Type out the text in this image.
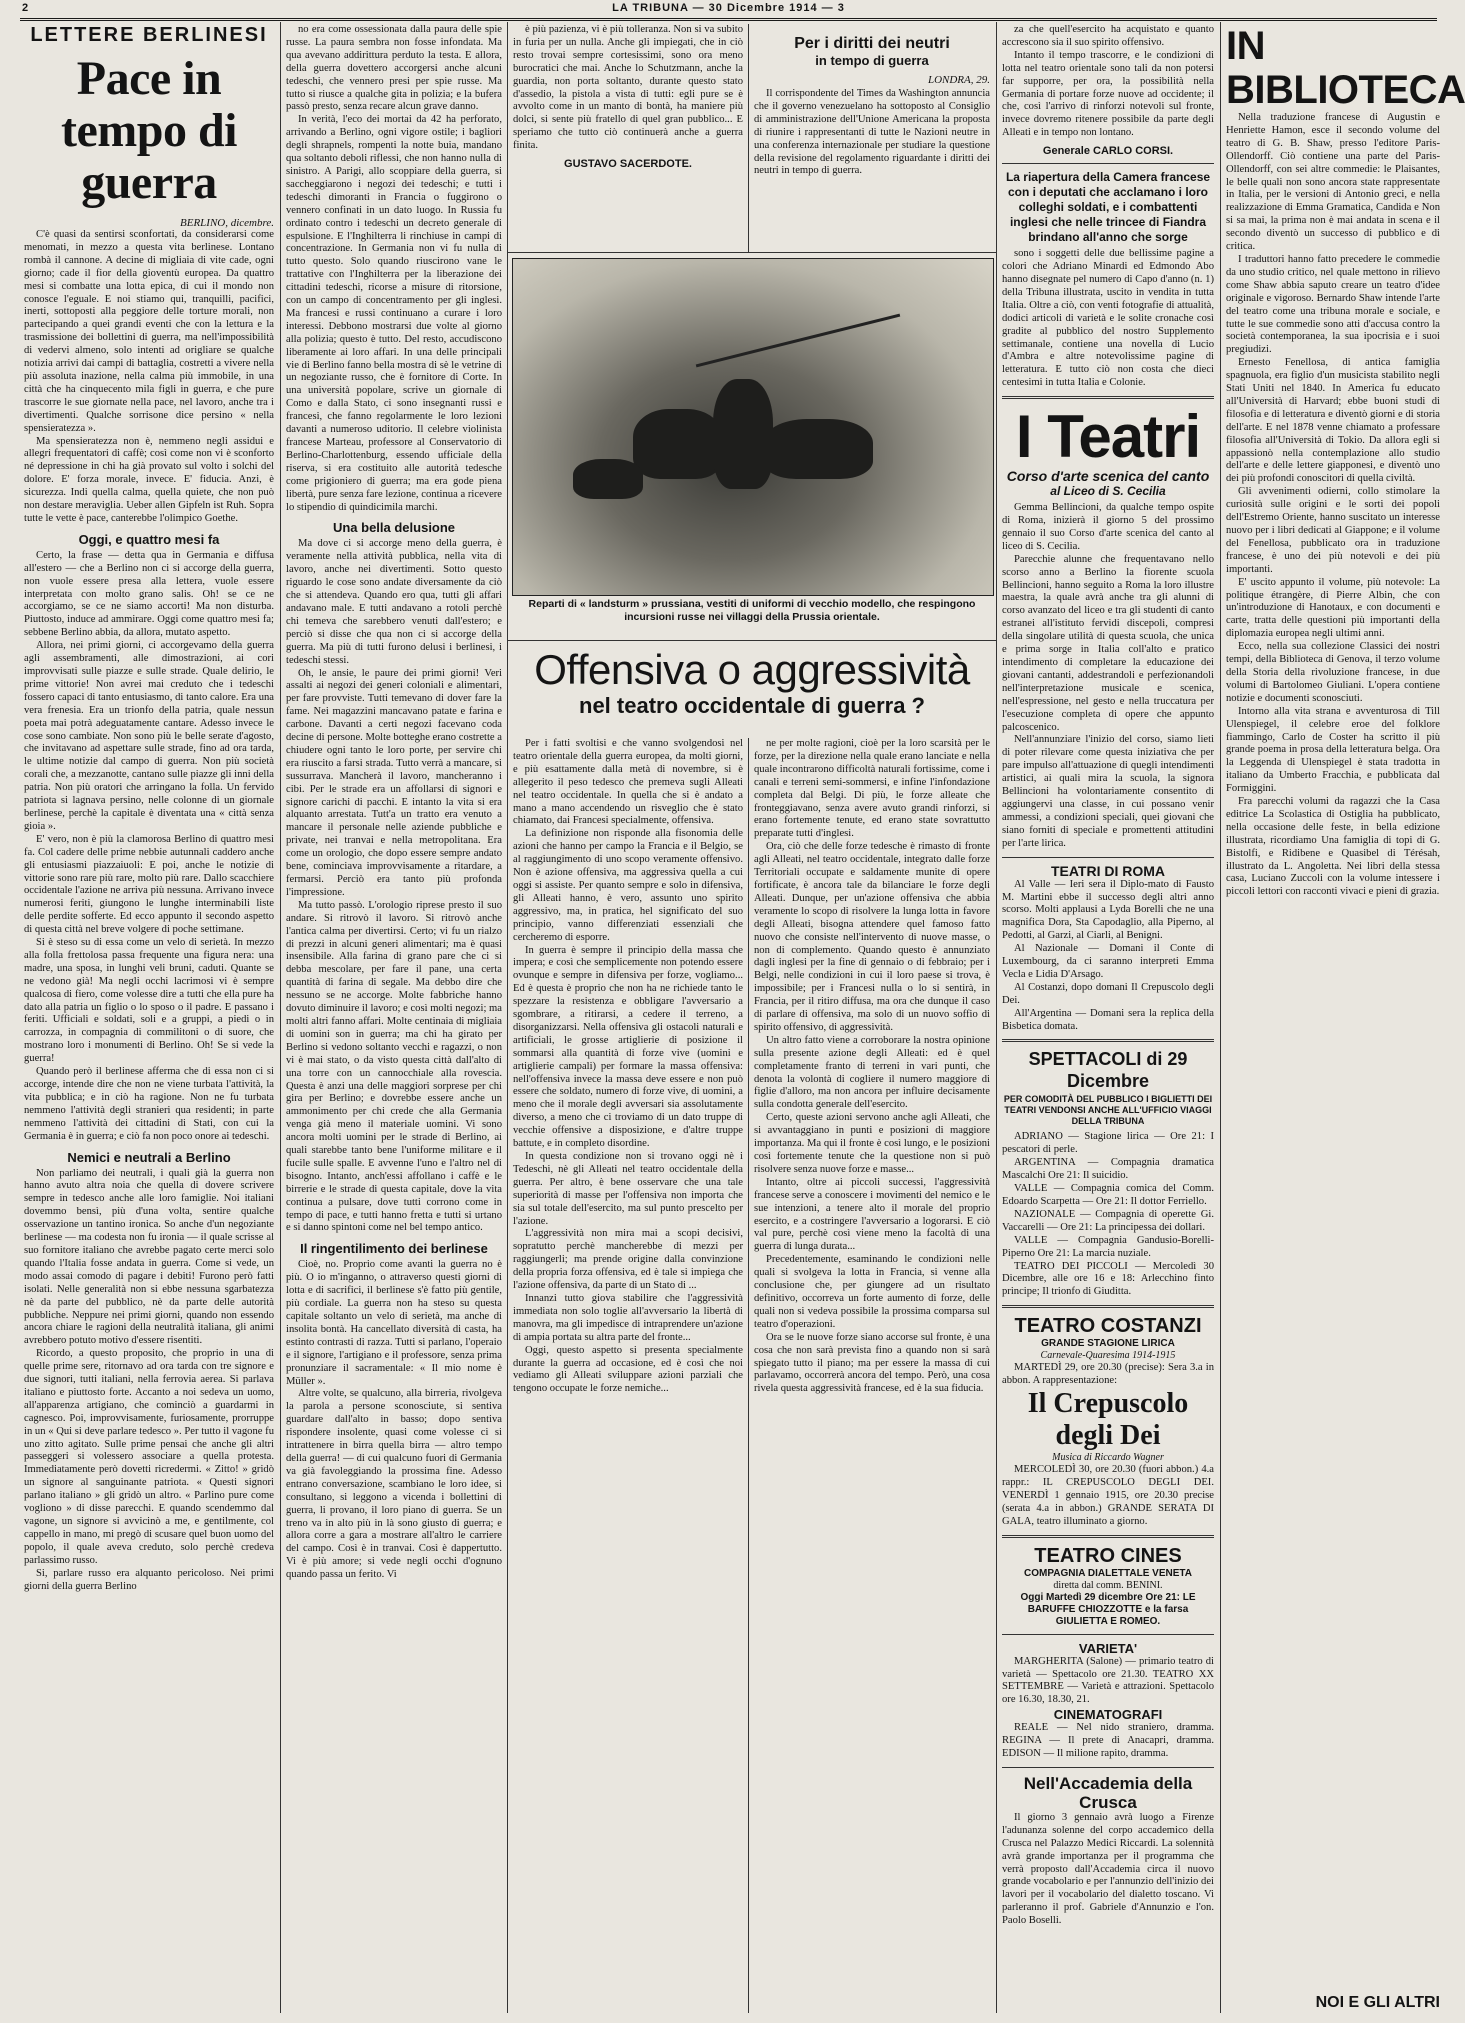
2	LA TRIBUNA — 30 Dicembre 1914 — 3
LETTERE BERLINESI
Pace in tempo di guerra
BERLINO, dicembre.

C'è quasi da sentirsi sconfortati, da considerarsi come menomati, in mezzo a questa vita berlinese. Lontano rombà il cannone. A decine di migliaia di vite cade, ogni giorno; cade il fior della gioventù europea. Da quattro mesi si combatte una lotta epica, di cui il mondo non conosce l'eguale. E noi stiamo qui, tranquilli, pacifici, inerti, sottoposti alla peggiore delle torture morali, non partecipando a quei grandi eventi che con la lettura e la trasmissione dei bollettini di guerra, ma nell'impossibilità di vedervi almeno, solo intenti ad origliare se qualche notizia arrivi dai campi di battaglia, costretti a vivere nella più assoluta inazione, nella calma più immobile, in una città che ha cinquecento mila figli in guerra, e che pure trascorre le sue giornate nella pace, nel lavoro, anche tra i divertimenti. Qualche sorrisone dice persino « nella spensieratezza ».

Ma spensieratezza non è, nemmeno negli assidui e allegri frequentatori di caffè; così come non vi è sconforto né depressione in chi ha già provato sul volto i solchi del dolore. E' forza morale, invece. E' fiducia. Anzi, è sicurezza. Indi quella calma, quella quiete, che non può non destare meraviglia. Ueber allen Gipfeln ist Ruh. Sopra tutte le vette è pace, canterebbe l'olimpico Goethe.

Oggi, e quattro mesi fa

Certo, la frase — detta qua in Germania e diffusa all'estero — che a Berlino non ci si accorge della guerra, non vuole essere presa alla lettera, vuole essere interpretata con molto grano salis. Oh! se ce ne accorgiamo, se ce ne siamo accorti! Ma non disturba. Piuttosto, induce ad ammirare. Oggi come quattro mesi fa; sebbene Berlino abbia, da allora, mutato aspetto.

Allora, nei primi giorni, ci accorgevamo della guerra agli assembramenti, alle dimostrazioni, ai cori improvvisati sulle piazze e sulle strade. Quale delirio, le prime vittorie! Non avrei mai creduto che i tedeschi fossero capaci di tanto entusiasmo, di tanto calore. Era una vera frenesia. Era un trionfo della patria, quale nessun poeta mai potrà adeguatamente cantare. Adesso invece le cose sono cambiate. Non sono più le belle serate d'agosto, che invitavano ad aspettare sulle strade, fino ad ora tarda, le ultime notizie dal campo di guerra. Non più società corali che, a mezzanotte, cantano sulle piazze gli inni della patria. Non più oratori che arringano la folla. Un fervido patriota si lagnava persino, nelle colonne di un giornale berlinese, perchè la capitale è diventata una « città senza gioia ».

E' vero, non è più la clamorosa Berlino di quattro mesi fa. Col cadere delle prime nebbie autunnali caddero anche gli entusiasmi piazzaiuoli: E poi, anche le notizie di vittorie sono rare più rare, molto più rare. Dallo scacchiere occidentale l'azione ne arriva più nessuna. Arrivano invece numerosi feriti, giungono le lunghe interminabili liste delle perdite sofferte. Ed ecco appunto il secondo aspetto di questa città nel breve volgere di poche settimane.

Si è steso su di essa come un velo di serietà. In mezzo alla folla frettolosa passa frequente una figura nera: una madre, una sposa, in lunghi veli bruni, caduti. Quante se ne vedono già! Ma negli occhi lacrimosi vi è sempre qualcosa di fiero, come volesse dire a tutti che ella pure ha dato alla patria un figlio o lo sposo o il padre. E passano i feriti. Ufficiali e soldati, soli e a gruppi, a piedi o in carrozza, in compagnia di commilitoni o di suore, che mostrano loro i monumenti di Berlino. Oh! Se si vede la guerra!

Quando però il berlinese afferma che di essa non ci si accorge, intende dire che non ne viene turbata l'attività, la vita pubblica; e in ciò ha ragione. Non ne fu turbata nemmeno l'attività degli stranieri qua residenti; in parte nemmeno l'attività dei cittadini di Stati, con cui la Germania è in guerra; e ciò fa non poco onore ai tedeschi.

Nemici e neutrali a Berlino

Non parliamo dei neutrali, i quali già la guerra non hanno avuto altra noia che quella di dovere scrivere sempre in tedesco anche alle loro famiglie. Noi italiani dovemmo bensì, più d'una volta, sentire qualche osservazione un tantino ironica. So anche d'un negoziante berlinese — ma codesta non fu ironia — il quale scrisse al suo fornitore italiano che avrebbe pagato certe merci solo quando l'Italia fosse andata in guerra. Come si vede, un modo assai comodo di pagare i debiti! Furono però fatti isolati. Nelle generalità non si ebbe nessuna sgarbatezza nè da parte del pubblico, nè da parte delle autorità pubbliche. Neppure nei primi giorni, quando non essendo ancora chiare le ragioni della neutralità italiana, gli animi avrebbero potuto motivo d'essere risentiti.

Ricordo, a questo proposito, che proprio in una di quelle prime sere, ritornavo ad ora tarda con tre signore e due signori, tutti italiani, nella ferrovia aerea. Si parlava italiano e piuttosto forte. Accanto a noi sedeva un uomo, all'apparenza artigiano, che cominciò a guardarmi in cagnesco. Poi, improvvisamente, furiosamente, prorruppe in un « Qui si deve parlare tedesco ». Per tutto il vagone fu uno zitto agitato. Sulle prime pensai che anche gli altri passeggeri si volessero associare a quella protesta. Immediatamente però dovetti ricredermi. « Zitto! » gridò un signore al sanguinante patriota. « Questi signori parlano italiano » gli gridò un altro. « Parlino pure come vogliono » di disse parecchi. E quando scendemmo dal vagone, un signore si avvicinò a me, e gentilmente, col cappello in mano, mi pregò di scusare quel buon uomo del popolo, il quale aveva creduto, solo perchè credeva parlassimo russo.

Si, parlare russo era alquanto pericoloso. Nei primi giorni della guerra Berlino

no era come ossessionata dalla paura delle spie russe. La paura sembra non fosse infondata. Ma qua avevano addirittura perduto la testa. E allora, della guerra dovettero accorgersi anche alcuni tedeschi, che vennero presi per spie russe. Ma tutto si riusce a qualche gita in polizia; e la bufera passò presto, senza recare alcun grave danno.

In verità, l'eco dei mortai da 42 ha perforato, arrivando a Berlino, ogni vigore ostile; i bagliori degli shrapnels, rompenti la notte buia, mandano qua soltanto deboli riflessi, che non hanno nulla di sinistro. A Parigi, allo scoppiare della guerra, si saccheggiarono i negozi dei tedeschi; e tutti i tedeschi dimoranti in Francia o fuggirono o vennero confinati in un dato luogo. In Russia fu ordinato contro i tedeschi un decreto generale di espulsione. E l'Inghilterra li rinchiuse in campi di concentrazione. In Germania non vi fu nulla di tutto questo. Solo quando riuscirono vane le trattative con l'Inghilterra per la liberazione dei cittadini tedeschi, ricorse a misure di ritorsione, con un campo di concentramento per gli inglesi. Ma francesi e russi continuano a curare i loro interessi. Debbono mostrarsi due volte al giorno alla polizia; questo è tutto. Del resto, accudiscono liberamente ai loro affari. In una delle principali vie di Berlino fanno bella mostra di sè le vetrine di un negoziante russo, che è fornitore di Corte. In una università popolare, scrive un giornale di Como e dalla Stato, ci sono insegnanti russi e francesi, che fanno regolarmente le loro lezioni davanti a numeroso uditorio. Il celebre violinista francese Marteau, professore al Conservatorio di Berlino-Charlottenburg, essendo ufficiale della riserva, si era costituito alle autorità tedesche come prigioniero di guerra; ma era gode piena libertà, pure senza fare lezione, continua a ricevere lo stipendio di quindicimila marchi.

Una bella delusione

Ma dove ci si accorge meno della guerra, è veramente nella attività pubblica, nella vita di lavoro, anche nei divertimenti. Sotto questo riguardo le cose sono andate diversamente da ciò che si attendeva. Quando ero qua, tutti gli affari andavano male. E tutti andavano a rotoli perchè chi temeva che sarebbero venuti dall'estero; e perciò si disse che qua non ci si accorge della guerra. Ma più di tutti furono delusi i berlinesi, i tedeschi stessi.

Oh, le ansie, le paure dei primi giorni! Veri assalti ai negozi dei generi coloniali e alimentari, per fare provviste. Tutti temevano di dover fare la fame. Nei magazzini mancavano patate e farina e carbone. Davanti a certi negozi facevano coda decine di persone. Molte botteghe erano costrette a chiudere ogni tanto le loro porte, per servire chi era riuscito a farsi strada. Tutto verrà a mancare, si sussurrava. Mancherà il lavoro, mancheranno i cibi. Per le strade era un affollarsi di signori e signore carichi di pacchi. E intanto la vita si era alquanto arrestata. Tutt'a un tratto era venuto a mancare il personale nelle aziende pubbliche e private, nei tranvai e nella metropolitana. Era come un orologio, che dopo essere sempre andato bene, cominciava improvvisamente a ritardare, a fermarsi. Perciò era tanto più profonda l'impressione.

Ma tutto passò. L'orologio riprese presto il suo andare. Si ritrovò il lavoro. Si ritrovò anche l'antica calma per divertirsi. Certo; vi fu un rialzo di prezzi in alcuni generi alimentari; ma è quasi insensibile. Alla farina di grano pare che ci si debba mescolare, per fare il pane, una certa quantità di farina di segale. Ma debbo dire che nessuno se ne accorge. Molte fabbriche hanno dovuto diminuire il lavoro; e così molti negozi; ma molti altri fanno affari. Molte centinaia di migliaia di uomini son in guerra; ma chi ha girato per Berlino si vedono soltanto vecchi e ragazzi, o non vi è mai stato, o da visto questa città dall'alto di una torre con un cannocchiale alla rovescia. Questa è anzi una delle maggiori sorprese per chi gira per Berlino; e dovrebbe essere anche un ammonimento per chi crede che alla Germania venga già meno il materiale uomini. Vi sono ancora molti uomini per le strade di Berlino, ai quali starebbe tanto bene l'uniforme militare e il fucile sulle spalle. E avvenne l'uno e l'altro nel di bisogno. Intanto, anch'essi affollano i caffè e le birrerie e le strade di questa capitale, dove la vita continua a pulsare, dove tutti corrono come in tempo di pace, e tutti hanno fretta e tutti si urtano e si danno spintoni come nel bel tempo antico.

Il ringentilimento dei berlinese

Cioè, no. Proprio come avanti la guerra no è più. O io m'inganno, o attraverso questi giorni di lotta e di sacrifici, il berlinese s'è fatto più gentile, più cordiale. La guerra non ha steso su questa capitale soltanto un velo di serietà, ma anche di insolita bontà. Ha cancellato diversità di casta, ha estinto contrasti di razza. Tutti si parlano, l'operaio e il signore, l'artigiano e il professore, senza prima pronunziare il sacramentale: « Il mio nome è Müller ».

Altre volte, se qualcuno, alla birreria, rivolgeva la parola a persone sconosciute, si sentiva guardare dall'alto in basso; dopo sentiva rispondere insolente, quasi come volesse ci si intrattenere in birra quella birra — altro tempo della guerra! — di cui qualcuno fuori di Germania va già favoleggiando la prossima fine. Adesso entrano conversazione, scambiano le loro idee, si consultano, si leggono a vicenda i bollettini di guerra, li provano, il loro piano di guerra. Se un treno va in alto più in là sono giusto di guerra; e allora corre a gara a mostrare all'altro le carriere del campo. Così è in tranvai. Così è dappertutto. Vi è più amore; si vede negli occhi d'ognuno quando passa un ferito. Vi

è più pazienza, vi è più tolleranza. Non si va subito in furia per un nulla. Anche gli impiegati, che in ciò resto trovai sempre cortesissimi, sono ora meno burocratici che mai. Anche lo Schutzmann, anche la guardia, non porta soltanto, durante questo stato d'assedio, la pistola a vista di tutti: egli pure se è avvolto come in un manto di bontà, ha maniere più dolci, si sente più fratello di quel gran pubblico... E speriamo che tutto ciò continuerà anche a guerra finita.

GUSTAVO SACERDOTE.
Per i diritti dei neutri
in tempo di guerra
LONDRA, 29.

Il corrispondente del Times da Washington annuncia che il governo venezuelano ha sottoposto al Consiglio di amministrazione dell'Unione Americana la proposta di riunire i rappresentanti di tutte le Nazioni neutre in una conferenza internazionale per studiare la questione della revisione del regolamento riguardante i diritti dei neutri in tempo di guerra.

Reparti di « landsturm » prussiana, vestiti di uniformi di vecchio modello, che respingono incursioni russe nei villaggi della Prussia orientale.
Offensiva o aggressività
nel teatro occidentale di guerra ?

Per i fatti svoltisi e che vanno svolgendosi nel teatro orientale della guerra europea, da molti giorni, e più esattamente dalla metà di novembre, si è allegerito il peso tedesco che premeva sugli Alleati nel teatro occidentale. In quella che si è andato a mano a mano accendendo un risveglio che è stato chiamato, dai Francesi specialmente, offensiva.

La definizione non risponde alla fisonomia delle azioni che hanno per campo la Francia e il Belgio, se al raggiungimento di uno scopo veramente offensivo. Non è azione offensiva, ma aggressiva quella a cui oggi si assiste. Per quanto sempre e solo in difensiva, gli Alleati hanno, è vero, assunto uno spirito aggressivo, ma, in pratica, hel significato del suo principio, vanno differenziati essenziali che cercheremo di esporre.

In guerra è sempre il principio della massa che impera; e così che semplicemente non potendo essere ovunque e sempre in difensiva per forze, vogliamo... Ed è questa è proprio che non ha ne richiede tanto le spezzare la resistenza e obbligare l'avversario a sgombrare, a ritirarsi, a cedere il terreno, a disorganizzarsi. Nella offensiva gli ostacoli naturali e artificiali, le grosse artiglierie di posizione il sommarsi alla quantità di forze vive (uomini e artiglierie campali) per formare la massa offensiva: nell'offensiva invece la massa deve essere e non può essere che soldato, numero di forze vive, di uomini, a meno che il morale degli avversari sia assolutamente diverso, a meno che ci troviamo di un dato truppe di vecchie offensive a disposizione, e d'altre truppe battute, e in completo disordine.

In questa condizione non si trovano oggi nè i Tedeschi, nè gli Alleati nel teatro occidentale della guerra. Per altro, è bene osservare che una tale superiorità di masse per l'offensiva non importa che sia sul totale dell'esercito, ma sul punto prescelto per l'azione.

L'aggressività non mira mai a scopi decisivi, sopratutto perchè mancherebbe di mezzi per raggiungerli; ma prende origine dalla convinzione della propria forza offensiva, ed è tale si impiega che l'azione offensiva, da parte di un Stato di ...

Innanzi tutto giova stabilire che l'aggressività immediata non solo toglie all'avversario la libertà di manovra, ma gli impedisce di intraprendere un'azione di ampia portata su altra parte del fronte...

Oggi, questo aspetto si presenta specialmente durante la guerra ad occasione, ed è così che noi vediamo gli Alleati sviluppare azioni parziali che tengono occupate le forze nemiche...

ne per molte ragioni, cioè per la loro scarsità per le forze, per la direzione nella quale erano lanciate e nella quale incontrarono difficoltà naturali fortissime, come i canali e terreni semi-sommersi, e infine l'infondazione completa dal Belgi. Di più, le forze alleate che fronteggiavano, senza avere avuto grandi rinforzi, si erano fortemente tenute, ed erano state sovrattutto preparate tutti d'inglesi.

Ora, ciò che delle forze tedesche è rimasto di fronte agli Alleati, nel teatro occidentale, integrato dalle forze Territoriali occupate e saldamente munite di opere fortificate, è ancora tale da bilanciare le forze degli Alleati. Dunque, per un'azione offensiva che abbia veramente lo scopo di risolvere la lunga lotta in favore degli Alleati, bisogna attendere quel famoso fatto nuovo che consiste nell'intervento di nuove masse, o non di complemento. Quando questo è annunziato dagli inglesi per la fine di gennaio o di febbraio; per i Belgi, nelle condizioni in cui il loro paese si trova, è impossibile; per i Francesi nulla o lo si sentirà, in Francia, per il ritiro diffusa, ma ora che dunque il caso di parlare di offensiva, ma solo di un nuovo soffio di spirito offensivo, di aggressività.

Un altro fatto viene a corroborare la nostra opinione sulla presente azione degli Alleati: ed è quel completamente franto di terreni in vari punti, che denota la volontà di cogliere il numero maggiore di figlie d'alloro, ma non ancora per influire decisamente sulla condotta generale dell'esercito.

Certo, queste azioni servono anche agli Alleati, che si avvantaggiano in punti e posizioni di maggiore importanza. Ma qui il fronte è così lungo, e le posizioni così fortemente tenute che la questione non si può risolvere senza nuove forze e masse...

Intanto, oltre ai piccoli successi, l'aggressività francese serve a conoscere i movimenti del nemico e le sue intenzioni, a tenere alto il morale del proprio esercito, e a costringere l'avversario a logorarsi. E ciò val pure, perchè così viene meno la facoltà di una guerra di lunga durata...

Precedentemente, esaminando le condizioni nelle quali si svolgeva la lotta in Francia, si venne alla conclusione che, per giungere ad un risultato definitivo, occorreva un forte aumento di forze, delle quali non si vedeva possibile la prossima comparsa sul teatro d'operazioni.

Ora se le nuove forze siano accorse sul fronte, è una cosa che non sarà prevista fino a quando non si sarà spiegato tutto il piano; ma per essere la massa di cui parlavamo, occorrerà ancora del tempo. Però, una cosa rivela questa aggressività francese, ed è la sua fiducia.

za che quell'esercito ha acquistato e quanto accrescono sia il suo spirito offensivo.

Intanto il tempo trascorre, e le condizioni di lotta nel teatro orientale sono tali da non potersi far supporre, per ora, la possibilità nella Germania di portare forze nuove ad occidente; il che, così l'arrivo di rinforzi notevoli sul fronte, invece dovremo ritenere possibile da parte degli Alleati e in tempo non lontano.

Generale CARLO CORSI.
La riapertura della Camera francese con i deputati che acclamano i loro colleghi soldati, e i combattenti inglesi che nelle trincee di Fiandra brindano all'anno che sorge

sono i soggetti delle due bellissime pagine a colori che Adriano Minardi ed Edmondo Abo hanno disegnate pel numero di Capo d'anno (n. 1) della Tribuna illustrata, uscito in vendita in tutta Italia. Oltre a ciò, con venti fotografie di attualità, dodici articoli di varietà e le solite cronache così gradite al pubblico del nostro Supplemento settimanale, contiene una novella di Lucio d'Ambra e altre notevolissime pagine di letteratura. E tutto ciò non costa che dieci centesimi in tutta Italia e Colonie.

I Teatri
Corso d'arte scenica del canto
al Liceo di S. Cecilia

Gemma Bellincioni, da qualche tempo ospite di Roma, inizierà il giorno 5 del prossimo gennaio il suo Corso d'arte scenica del canto al liceo di S. Cecilia.

Parecchie alunne che frequentavano nello scorso anno a Berlino la fiorente scuola Bellincioni, hanno seguito a Roma la loro illustre maestra, la quale avrà anche tra gli alunni di corso avanzato del liceo e tra gli studenti di canto estranei all'istituto fervidi discepoli, compresi della singolare utilità di questa scuola, che unica e prima sorge in Italia coll'alto e pratico intendimento di completare la educazione dei giovani cantanti, addestrandoli e perfezionandoli nell'interpretazione musicale e scenica, nell'espressione, nel gesto e nella truccatura per l'esecuzione completa di opere che appunto palcoscenico.

Nell'annunziare l'inizio del corso, siamo lieti di poter rilevare come questa iniziativa che per pare impulso all'attuazione di quegli intendimenti artistici, ai quali mira la scuola, la signora Bellincioni ha volontariamente consentito di aggiungervi una classe, in cui possano venir ammessi, a condizioni speciali, quei giovani che siano forniti di speciale e promettenti attitudini per l'arte lirica.

TEATRI DI ROMA

Al Valle — Ieri sera il Diplo-mato di Fausto M. Martini ebbe il successo degli altri anno scorso. Molti applausi a Lyda Borelli che ne una magnifica Dora, Sta Capodaglio, alla Piperno, al Pedotti, al Garzi, al Ciarli, al Benigni.

Al Nazionale — Domani il Conte di Luxembourg, da ci saranno interpreti Emma Vecla e Lidia D'Arsago.

Al Costanzi, dopo domani Il Crepuscolo degli Dei.

All'Argentina — Domani sera la replica della Bisbetica domata.

SPETTACOLI di 29 Dicembre

PER COMODITÀ DEL PUBBLICO I BIGLIETTI DEI TEATRI VENDONSI ANCHE ALL'UFFICIO VIAGGI DELLA TRIBUNA

ADRIANO — Stagione lirica — Ore 21: I pescatori di perle.

ARGENTINA — Compagnia dramatica Mascalchi Ore 21: Il suicidio.

VALLE — Compagnia comica del Comm. Edoardo Scarpetta — Ore 21: Il dottor Ferriello.

NAZIONALE — Compagnia di operette Gi. Vaccarelli — Ore 21: La principessa dei dollari.

VALLE — Compagnia Gandusio-Borelli-Piperno Ore 21: La marcia nuziale.

TEATRO DEI PICCOLI — Mercoledì 30 Dicembre, alle ore 16 e 18: Arlecchino finto principe; Il trionfo di Giuditta.

TEATRO COSTANZI

GRANDE STAGIONE LIRICA

Carnevale-Quaresima 1914-1915

MARTEDÌ 29, ore 20.30 (precise): Sera 3.a in abbon. A rappresentazione:

Il Crepuscolo degli Dei

Musica di Riccardo Wagner

MERCOLEDÌ 30, ore 20.30 (fuori abbon.) 4.a rappr.: IL CREPUSCOLO DEGLI DEI. VENERDÌ 1 gennaio 1915, ore 20.30 precise (serata 4.a in abbon.) GRANDE SERATA DI GALA, teatro illuminato a giorno.

TEATRO CINES

COMPAGNIA DIALETTALE VENETA

diretta dal comm. BENINI.

Oggi Martedì 29 dicembre Ore 21: LE BARUFFE CHIOZZOTTE e la farsa GIULIETTA E ROMEO.

VARIETA'

MARGHERITA (Salone) — primario teatro di varietà — Spettacolo ore 21.30. TEATRO XX SETTEMBRE — Varietà e attrazioni. Spettacolo ore 16.30, 18.30, 21.

CINEMATOGRAFI

REALE — Nel nido straniero, dramma. REGINA — Il prete di Anacapri, dramma. EDISON — Il milione rapito, dramma.

Nell'Accademia della Crusca

Il giorno 3 gennaio avrà luogo a Firenze l'adunanza solenne del corpo accademico della Crusca nel Palazzo Medici Riccardi. La solennità avrà grande importanza per il programma che verrà proposto dall'Accademia circa il nuovo grande vocabolario e per l'annunzio dell'inizio dei lavori per il vocabolario del dialetto toscano. Vi parleranno il prof. Gabriele d'Annunzio e l'on. Paolo Boselli.

IN BIBLIOTECA

Nella traduzione francese di Augustin e Henriette Hamon, esce il secondo volume del teatro di G. B. Shaw, presso l'editore Paris-Ollendorff. Ciò contiene una parte del Paris-Ollendorff, con sei altre commedie: le Plaisantes, le belle quali non sono ancora state rappresentate in Italia, per le versioni di Antonio greci, e nella realizzazione di Emma Gramatica, Candida e Non si sa mai, la prima non è mai andata in scena e il secondo diventò un successo di pubblico e di critica.

I traduttori hanno fatto precedere le commedie da uno studio critico, nel quale mettono in rilievo come Shaw abbia saputo creare un teatro d'idee originale e vigoroso. Bernardo Shaw intende l'arte del teatro come una tribuna morale e sociale, e tutte le sue commedie sono atti d'accusa contro la società contemporanea, la sua ipocrisia e i suoi pregiudizi.

Ernesto Fenellosa, di antica famiglia spagnuola, era figlio d'un musicista stabilito negli Stati Uniti nel 1840. In America fu educato all'Università di Harvard; ebbe buoni studi di filosofia e di letteratura e diventò giorni e di storia dell'arte. E nel 1878 venne chiamato a professare filosofia all'Università di Tokio. Da allora egli si appassionò nella contemplazione allo studio dell'arte e delle lettere giapponesi, e diventò uno dei più profondi conoscitori di quella civiltà.

Gli avvenimenti odierni, collo stimolare la curiosità sulle origini e le sorti dei popoli dell'Estremo Oriente, hanno suscitato un interesse nuovo per i libri dedicati al Giappone; e il volume del Fenellosa, pubblicato ora in traduzione francese, è uno dei più notevoli e dei più importanti.

E' uscito appunto il volume, più notevole: La politique étrangère, di Pierre Albin, che con un'introduzione di Hanotaux, e con documenti e carte, tratta delle questioni più importanti della diplomazia europea negli ultimi anni.

Ecco, nella sua collezione Classici dei nostri tempi, della Biblioteca di Genova, il terzo volume della Storia della rivoluzione francese, in due volumi di Bartolomeo Giuliani. L'opera contiene notizie e documenti sconosciuti.

Intorno alla vita strana e avventurosa di Till Ulenspiegel, il celebre eroe del folklore fiammingo, Carlo de Coster ha scritto il più grande poema in prosa della letteratura belga. Ora la Leggenda di Ulenspiegel è stata tradotta in italiano da Umberto Fracchia, e pubblicata dal Formiggini.

Fra parecchi volumi da ragazzi che la Casa editrice La Scolastica di Ostiglia ha pubblicato, nella occasione delle feste, in bella edizione illustrata, ricordiamo Una famiglia di topi di G. Bistolfi, e Ridibene e Quasibel di Térésah, illustrato da L. Angoletta. Nei libri della stessa casa, Luciano Zuccoli con la volume intessere i piccoli lettori con racconti vivaci e pieni di grazia.

NOI E GLI ALTRI
